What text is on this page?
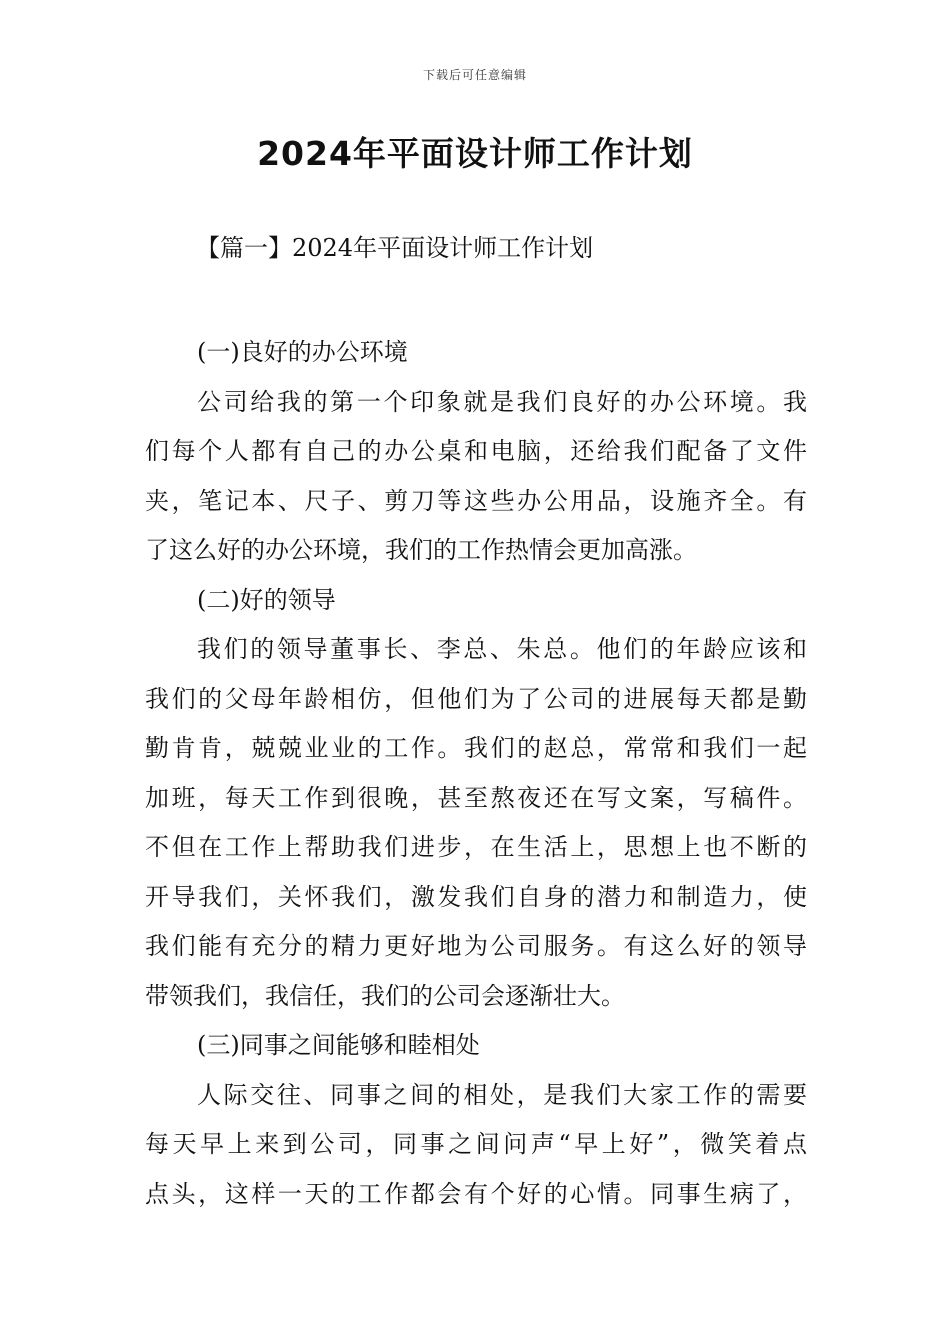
下载后可任意编辑
2024年平面设计师工作计划
【篇一】2024年平面设计师工作计划
(一)良好的办公环境
公司给我的第一个印象就是我们良好的办公环境。我
们每个人都有自己的办公桌和电脑，还给我们配备了文件
夹，笔记本、尺子、剪刀等这些办公用品，设施齐全。有
了这么好的办公环境，我们的工作热情会更加高涨。
(二)好的领导
我们的领导董事长、李总、朱总。他们的年龄应该和
我们的父母年龄相仿，但他们为了公司的进展每天都是勤
勤肯肯，兢兢业业的工作。我们的赵总，常常和我们一起
加班，每天工作到很晚，甚至熬夜还在写文案，写稿件。
不但在工作上帮助我们进步，在生活上，思想上也不断的
开导我们，关怀我们，激发我们自身的潜力和制造力，使
我们能有充分的精力更好地为公司服务。有这么好的领导
带领我们，我信任，我们的公司会逐渐壮大。
(三)同事之间能够和睦相处
人际交往、同事之间的相处，是我们大家工作的需要
每天早上来到公司，同事之间问声“早上好”，微笑着点
点头，这样一天的工作都会有个好的心情。同事生病了，
